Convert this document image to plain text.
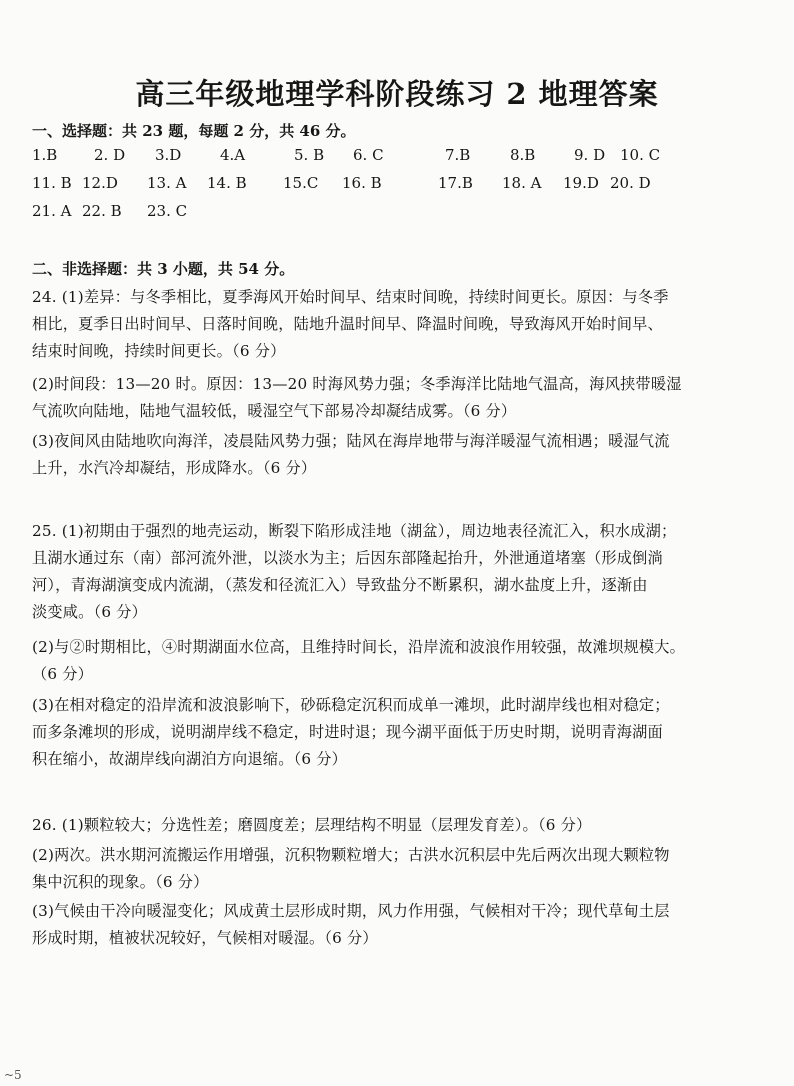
高三年级地理学科阶段练习 2 地理答案
一、选择题：共 23 题，每题 2 分，共 46 分。
1.B 2. D 3.D	4.A	5. B 6. C	7.B	8.B	9. D 10. C
11. B 12.D 13. A 14. B 15.C 16. B	17.B 18. A 19.D 20. D
21. A 22. B 23. C
二、非选择题：共 3 小题，共 54 分。
24. (1)差异：与冬季相比，夏季海风开始时间早、结束时间晚，持续时间更长。原因：与冬季
相比，夏季日出时间早、日落时间晚，陆地升温时间早、降温时间晚，导致海风开始时间早、
结束时间晚，持续时间更长。（6 分）
(2)时间段：13—20 时。原因：13—20 时海风势力强；冬季海洋比陆地气温高，海风挟带暖湿
气流吹向陆地，陆地气温较低，暖湿空气下部易冷却凝结成雾。（6 分）
(3)夜间风由陆地吹向海洋，凌晨陆风势力强；陆风在海岸地带与海洋暖湿气流相遇；暖湿气流
上升，水汽冷却凝结，形成降水。（6 分）
25. (1)初期由于强烈的地壳运动，断裂下陷形成洼地（湖盆），周边地表径流汇入，积水成湖；
且湖水通过东（南）部河流外泄，以淡水为主；后因东部隆起抬升，外泄通道堵塞（形成倒淌
河），青海湖演变成内流湖，（蒸发和径流汇入）导致盐分不断累积，湖水盐度上升，逐渐由
淡变咸。（6 分）
(2)与②时期相比，④时期湖面水位高，且维持时间长，沿岸流和波浪作用较强，故滩坝规模大。
（6 分）
(3)在相对稳定的沿岸流和波浪影响下，砂砾稳定沉积而成单一滩坝，此时湖岸线也相对稳定；
而多条滩坝的形成，说明湖岸线不稳定，时进时退；现今湖平面低于历史时期，说明青海湖面
积在缩小，故湖岸线向湖泊方向退缩。（6 分）
26. (1)颗粒较大；分选性差；磨圆度差；层理结构不明显（层理发育差）。（6 分）
(2)两次。洪水期河流搬运作用增强，沉积物颗粒增大；古洪水沉积层中先后两次出现大颗粒物
集中沉积的现象。（6 分）
(3)气候由干冷向暖湿变化；风成黄土层形成时期，风力作用强，气候相对干冷；现代草甸土层
形成时期，植被状况较好，气候相对暖湿。（6 分）
~5
